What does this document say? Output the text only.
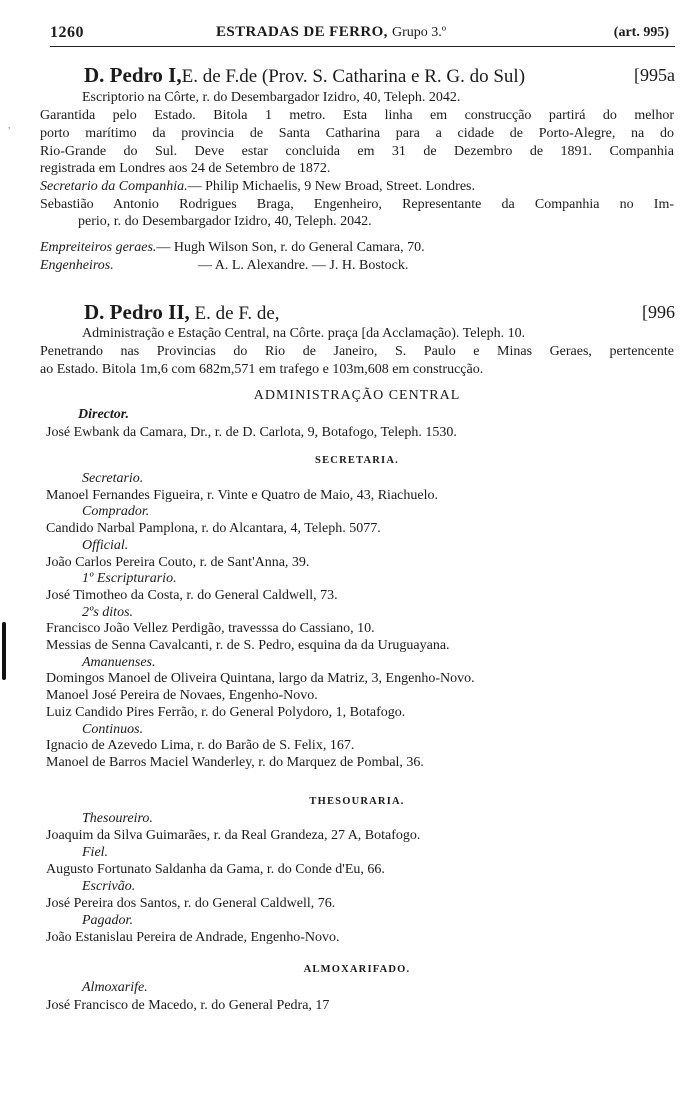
1260	ESTRADAS DE FERRO, Grupo 3.º	(art. 995)
D. Pedro I,E. de F.de (Prov. S. Catharina e R. G. do Sul)	[995a
Escriptorio na Côrte, r. do Desembargador Izidro, 40, Teleph. 2042.
Garantida pelo Estado. Bitola 1 metro. Esta linha em construcção partirá do melhor
porto marítimo da provincia de Santa Catharina para a cidade de Porto-Alegre, na do
Rio-Grande do Sul. Deve estar concluida em 31 de Dezembro de 1891. Companhia
registrada em Londres aos 24 de Setembro de 1872.
Secretario da Companhia.— Philip Michaelis, 9 New Broad, Street. Londres.
Sebastião Antonio Rodrigues Braga, Engenheiro, Representante da Companhia no Im-
perio, r. do Desembargador Izidro, 40, Teleph. 2042.
Empreiteiros geraes.— Hugh Wilson Son, r. do General Camara, 70.
Engenheiros.	— A. L. Alexandre. — J. H. Bostock.
D. Pedro II, E. de F. de,	[996
Administração e Estação Central, na Côrte. praça [da Acclamação). Teleph. 10.
Penetrando nas Provincias do Rio de Janeiro, S. Paulo e Minas Geraes, pertencente
ao Estado. Bitola 1m,6 com 682m,571 em trafego e 103m,608 em construcção.
ADMINISTRAÇÃO CENTRAL
Director.
José Ewbank da Camara, Dr., r. de D. Carlota, 9, Botafogo, Teleph. 1530.
SECRETARIA.
Secretario.
Manoel Fernandes Figueira, r. Vinte e Quatro de Maio, 43, Riachuelo.
Comprador.
Candido Narbal Pamplona, r. do Alcantara, 4, Teleph. 5077.
Official.
João Carlos Pereira Couto, r. de Sant'Anna, 39.
1º Escripturario.
José Timotheo da Costa, r. do General Caldwell, 73.
2ºs ditos.
Francisco João Vellez Perdigão, travesssa do Cassiano, 10.
Messias de Senna Cavalcanti, r. de S. Pedro, esquina da da Uruguayana.
Amanuenses.
Domingos Manoel de Oliveira Quintana, largo da Matriz, 3, Engenho-Novo.
Manoel José Pereira de Novaes, Engenho-Novo.
Luiz Candido Pires Ferrão, r. do General Polydoro, 1, Botafogo.
Continuos.
Ignacio de Azevedo Lima, r. do Barão de S. Felix, 167.
Manoel de Barros Maciel Wanderley, r. do Marquez de Pombal, 36.
THESOURARIA.
Thesoureiro.
Joaquim da Silva Guimarães, r. da Real Grandeza, 27 A, Botafogo.
Fiel.
Augusto Fortunato Saldanha da Gama, r. do Conde d'Eu, 66.
Escrivão.
José Pereira dos Santos, r. do General Caldwell, 76.
Pagador.
João Estanislau Pereira de Andrade, Engenho-Novo.
ALMOXARIFADO.
Almoxarife.
José Francisco de Macedo, r. do General Pedra, 17
,
